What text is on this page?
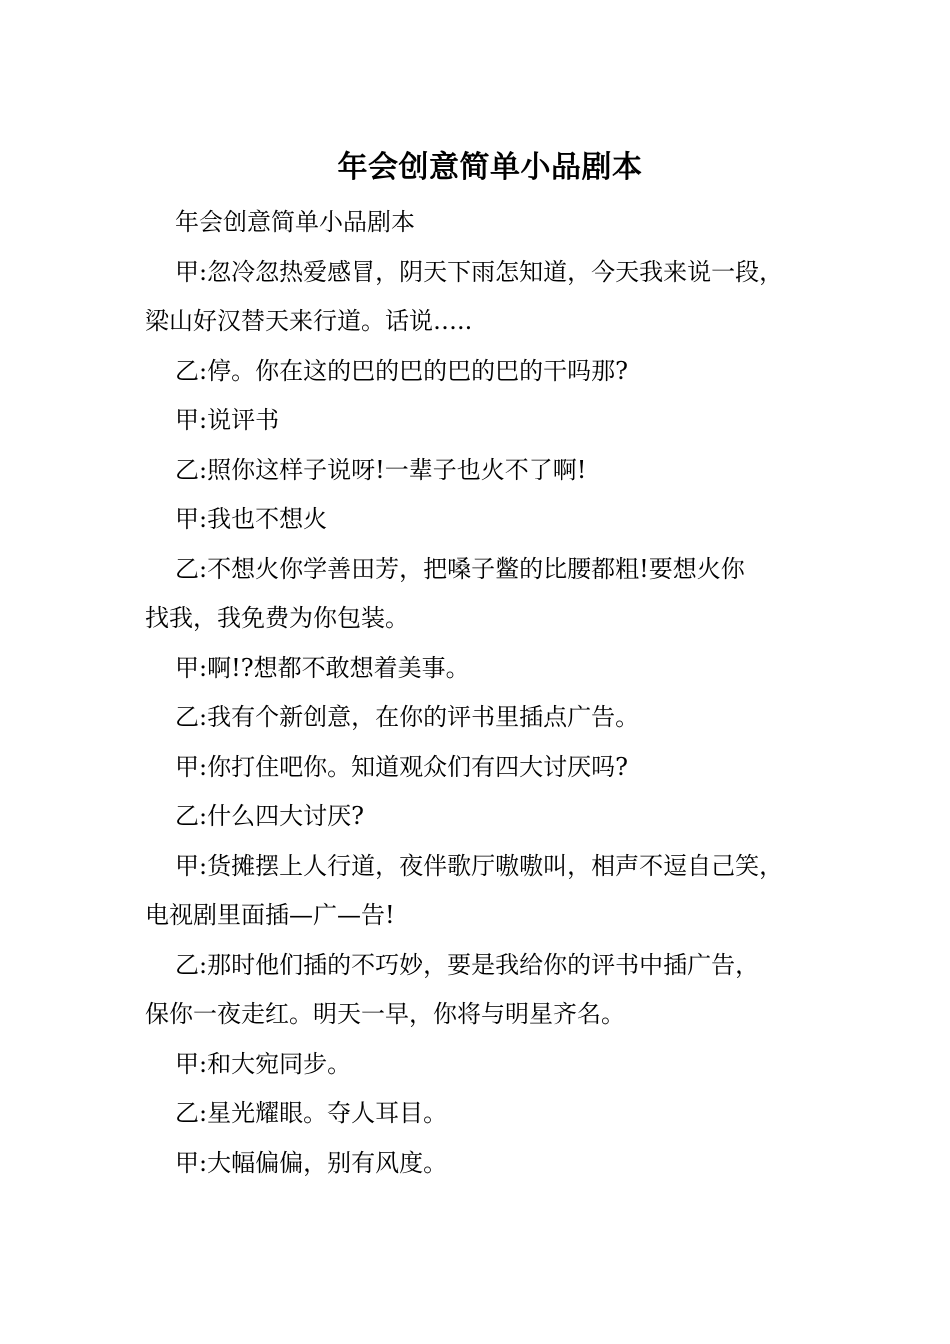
年会创意简单小品剧本

年会创意简单小品剧本

甲:忽冷忽热爱感冒，阴天下雨怎知道，今天我来说一段，

梁山好汉替天来行道。话说…..

乙:停。你在这的巴的巴的巴的巴的干吗那?

甲:说评书

乙:照你这样子说呀!一辈子也火不了啊!

甲:我也不想火

乙:不想火你学善田芳，把嗓子鳖的比腰都粗!要想火你

找我，我免费为你包装。

甲:啊!?想都不敢想着美事。

乙:我有个新创意，在你的评书里插点广告。

甲:你打住吧你。知道观众们有四大讨厌吗?

乙:什么四大讨厌?

甲:货摊摆上人行道，夜伴歌厅嗷嗷叫，相声不逗自己笑，

电视剧里面插—广—告!

乙:那时他们插的不巧妙，要是我给你的评书中插广告，

保你一夜走红。明天一早，你将与明星齐名。

甲:和大宛同步。

乙:星光耀眼。夺人耳目。

甲:大幅偏偏，别有风度。
